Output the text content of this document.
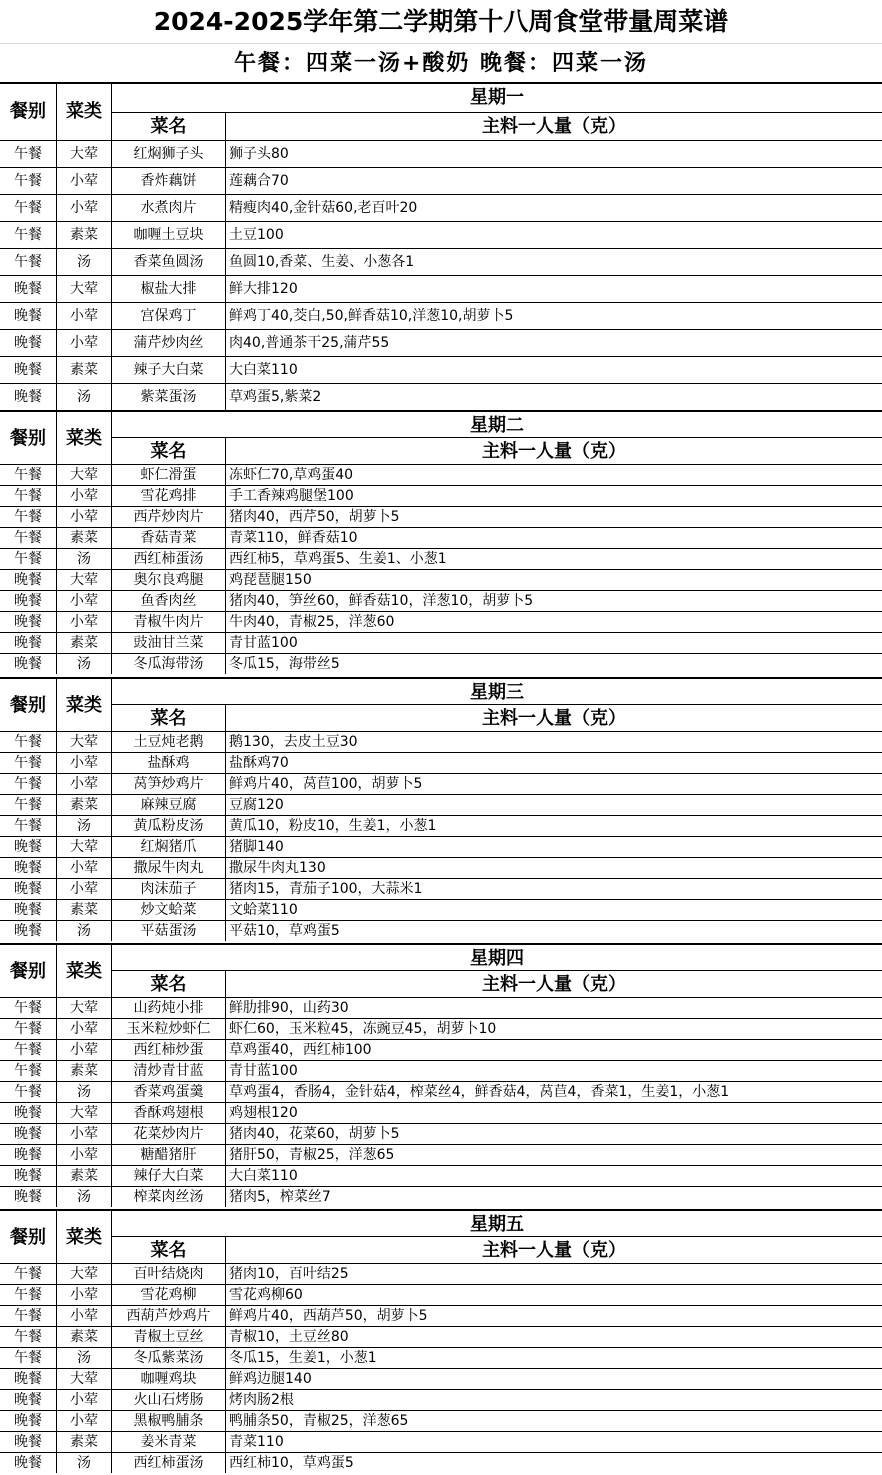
2024-2025学年第二学期第十八周食堂带量周菜谱
午餐：四菜一汤+酸奶 晚餐：四菜一汤
餐别	菜类
星期一
菜名	主料一人量（克）
午餐	大荤	红焖狮子头	狮子头80
午餐	小荤	香炸藕饼	莲藕合70
午餐	小荤	水煮肉片	精瘦肉40,金针菇60,老百叶20
午餐	素菜	咖喱土豆块	土豆100
午餐	汤	香菜鱼圆汤	鱼圆10,香菜、生姜、小葱各1
晚餐	大荤	椒盐大排	鲜大排120
晚餐	小荤	宫保鸡丁	鲜鸡丁40,茭白,50,鲜香菇10,洋葱10,胡萝卜5
晚餐	小荤	蒲芹炒肉丝	肉40,普通茶干25,蒲芹55
晚餐	素菜	辣子大白菜	大白菜110
晚餐	汤	紫菜蛋汤	草鸡蛋5,紫菜2
餐别	菜类
星期二
菜名	主料一人量（克）
午餐	大荤	虾仁滑蛋	冻虾仁70,草鸡蛋40
午餐	小荤	雪花鸡排	手工香辣鸡腿堡100
午餐	小荤	西芹炒肉片	猪肉40，西芹50，胡萝卜5
午餐	素菜	香菇青菜	青菜110，鲜香菇10
午餐	汤	西红柿蛋汤	西红柿5，草鸡蛋5、生姜1、小葱1
晚餐	大荤	奥尔良鸡腿	鸡琵琶腿150
晚餐	小荤	鱼香肉丝	猪肉40，笋丝60，鲜香菇10，洋葱10，胡萝卜5
晚餐	小荤	青椒牛肉片	牛肉40，青椒25，洋葱60
晚餐	素菜	豉油甘兰菜	青甘蓝100
晚餐	汤	冬瓜海带汤	冬瓜15，海带丝5
餐别	菜类
星期三
菜名	主料一人量（克）
午餐	大荤	土豆炖老鹅	鹅130，去皮土豆30
午餐	小荤	盐酥鸡	盐酥鸡70
午餐	小荤	莴笋炒鸡片	鲜鸡片40，莴苣100，胡萝卜5
午餐	素菜	麻辣豆腐	豆腐120
午餐	汤	黄瓜粉皮汤	黄瓜10，粉皮10，生姜1，小葱1
晚餐	大荤	红焖猪爪	猪脚140
晚餐	小荤	撒尿牛肉丸	撒尿牛肉丸130
晚餐	小荤	肉沫茄子	猪肉15，青茄子100，大蒜米1
晚餐	素菜	炒文蛤菜	文蛤菜110
晚餐	汤	平菇蛋汤	平菇10，草鸡蛋5
餐别	菜类
星期四
菜名	主料一人量（克）
午餐	大荤	山药炖小排	鲜肋排90，山药30
午餐	小荤	玉米粒炒虾仁	虾仁60，玉米粒45，冻豌豆45，胡萝卜10
午餐	小荤	西红柿炒蛋	草鸡蛋40，西红柿100
午餐	素菜	清炒青甘蓝	青甘蓝100
午餐	汤	香菜鸡蛋羹	草鸡蛋4，香肠4，金针菇4，榨菜丝4，鲜香菇4，莴苣4，香菜1，生姜1，小葱1
晚餐	大荤	香酥鸡翅根	鸡翅根120
晚餐	小荤	花菜炒肉片	猪肉40，花菜60，胡萝卜5
晚餐	小荤	糖醋猪肝	猪肝50，青椒25，洋葱65
晚餐	素菜	辣仔大白菜	大白菜110
晚餐	汤	榨菜肉丝汤	猪肉5，榨菜丝7
餐别	菜类
星期五
菜名	主料一人量（克）
午餐	大荤	百叶结烧肉	猪肉10，百叶结25
午餐	小荤	雪花鸡柳	雪花鸡柳60
午餐	小荤	西葫芦炒鸡片	鲜鸡片40，西葫芦50，胡萝卜5
午餐	素菜	青椒土豆丝	青椒10，土豆丝80
午餐	汤	冬瓜紫菜汤	冬瓜15，生姜1，小葱1
晚餐	大荤	咖喱鸡块	鲜鸡边腿140
晚餐	小荤	火山石烤肠	烤肉肠2根
晚餐	小荤	黑椒鸭脯条	鸭脯条50，青椒25，洋葱65
晚餐	素菜	姜米青菜	青菜110
晚餐	汤	西红柿蛋汤	西红柿10，草鸡蛋5
